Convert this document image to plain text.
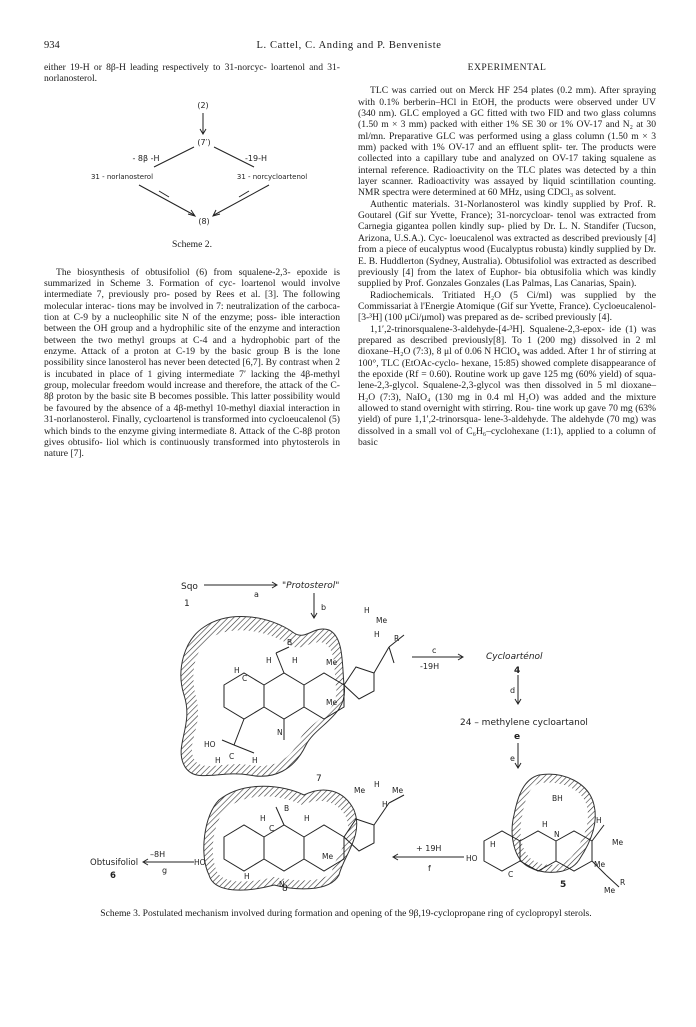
934	L. Cattel, C. Anding and P. Benveniste

either 19-H or 8β-H leading respectively to 31-norcyc- loartenol and 31-norlanosterol.

The biosynthesis of obtusifoliol (6) from squalene-2,3- epoxide is summarized in Scheme 3. Formation of cyc- loartenol would involve intermediate 7, previously pro- posed by Rees et al. [3]. The following molecular interac- tions may be involved in 7: neutralization of the carboca- tion at C-9 by a nucleophilic site N of the enzyme; poss- ible interaction between the OH group and a hydrophilic site of the enzyme and interaction between the two methyl groups at C-4 and a hydrophobic part of the enzyme. Attack of a proton at C-19 by the basic group B is the lone possibility since lanosterol has never been detected [6,7]. By contrast when 2 is incubated in place of 1 giving intermediate 7′ lacking the 4β-methyl group, molecular freedom would increase and therefore, the attack of the C-8β proton by the basic site B becomes possible. This latter possibility would be favoured by the absence of a 4β-methyl 10-methyl diaxial interaction in 31-norlanosterol. Finally, cycloartenol is transformed into cycloeucalenol (5) which binds to the enzyme giving intermediate 8. Attack of the C-8β proton gives obtusifo- liol which is continuously transformed into phytosterols in nature [7].

(2)
(7′)
- 8β -H	-19-H
31 - norlanosterol	31 - norcycloartenol
(8)
Scheme 2.

EXPERIMENTAL

TLC was carried out on Merck HF 254 plates (0.2 mm). After spraying with 0.1% berberin–HCl in EtOH, the products were observed under UV (340 nm). GLC employed a GC fitted with two FID and two glass columns (1.50 m × 3 mm) packed with either 1% SE 30 or 1% OV-17 and N₂ at 30 ml/mn. Preparative GLC was performed using a glass column (1.50 m × 3 mm) packed with 1% OV-17 and an effluent split- ter. The products were collected into a capillary tube and analyzed on OV-17 taking squalene as internal reference. Radioactivity on the TLC plates was detected by a thin layer scanner. Radioactivity was assayed by liquid scintillation counting. NMR spectra were determined at 60 MHz, using CDCl₃ as solvent.

Authentic materials. 31-Norlanosterol was kindly supplied by Prof. R. Goutarel (Gif sur Yvette, France); 31-norcycloar- tenol was extracted from Carnegia gigantea pollen kindly sup- plied by Dr. L. N. Standifer (Tucson, Arizona, U.S.A.). Cyc- loeucalenol was extracted as described previously [4] from a piece of eucalyptus wood (Eucalyptus robusta) kindly supplied by Dr. E. B. Huddlerton (Sydney, Australia). Obtusifoliol was extracted as described previously [4] from the latex of Euphor- bia obtusifolia which was kindly supplied by Prof. Gonzales Gonzales (Las Palmas, Las Canarias, Spain).

Radiochemicals. Tritiated H₂O (5 Ci/ml) was supplied by the Commissariat à l'Energie Atomique (Gif sur Yvette, France). Cycloeucalenol-[3-³H] (100 μCi/μmol) was prepared as de- scribed previously [4].

1,1′,2-trinorsqualene-3-aldehyde-[4-³H]. Squalene-2,3-epox- ide (1) was prepared as described previously[8]. To 1 (200 mg) dissolved in 2 ml dioxane–H₂O (7:3), 8 μl of 0.06 N HClO₄ was added. After 1 hr of stirring at 100°, TLC (EtOAc-cyclo- hexane, 15:85) showed complete disappearance of the epoxide (Rf = 0.60). Routine work up gave 125 mg (60% yield) of squa- lene-2,3-glycol. Squalene-2,3-glycol was then dissolved in 5 ml dioxane–H₂O (7:3), NaIO₄ (130 mg in 0.4 ml H₂O) was added and the mixture allowed to stand overnight with stirring. Rou- tine work up gave 70 mg (63% yield) of pure 1,1′,2-trinorsqua- lene-3-aldehyde. The aldehyde (70 mg) was dissolved in a small vol of C₆H₆–cyclohexane (1:1), applied to a column of basic

Sqo
1
a
"Protosterol"
b
Me
H
Me
H R
B
H	H
H
C
Me
N
HO
C
H	H
7
c
-19H
Cycloarténol
4
d
24 – methylene cycloartanol
e
e
Me
H
Me
H
B
H	H
C
Me
HO
H
N
8
Obtusifoliol
6
–8H
g
+ 19H
f
BH
H	H
N
Me
H
HO
Me
C
R
Me
5
Scheme 3. Postulated mechanism involved during formation and opening of the 9β,19-cyclopropane ring of cyclopropyl sterols.
